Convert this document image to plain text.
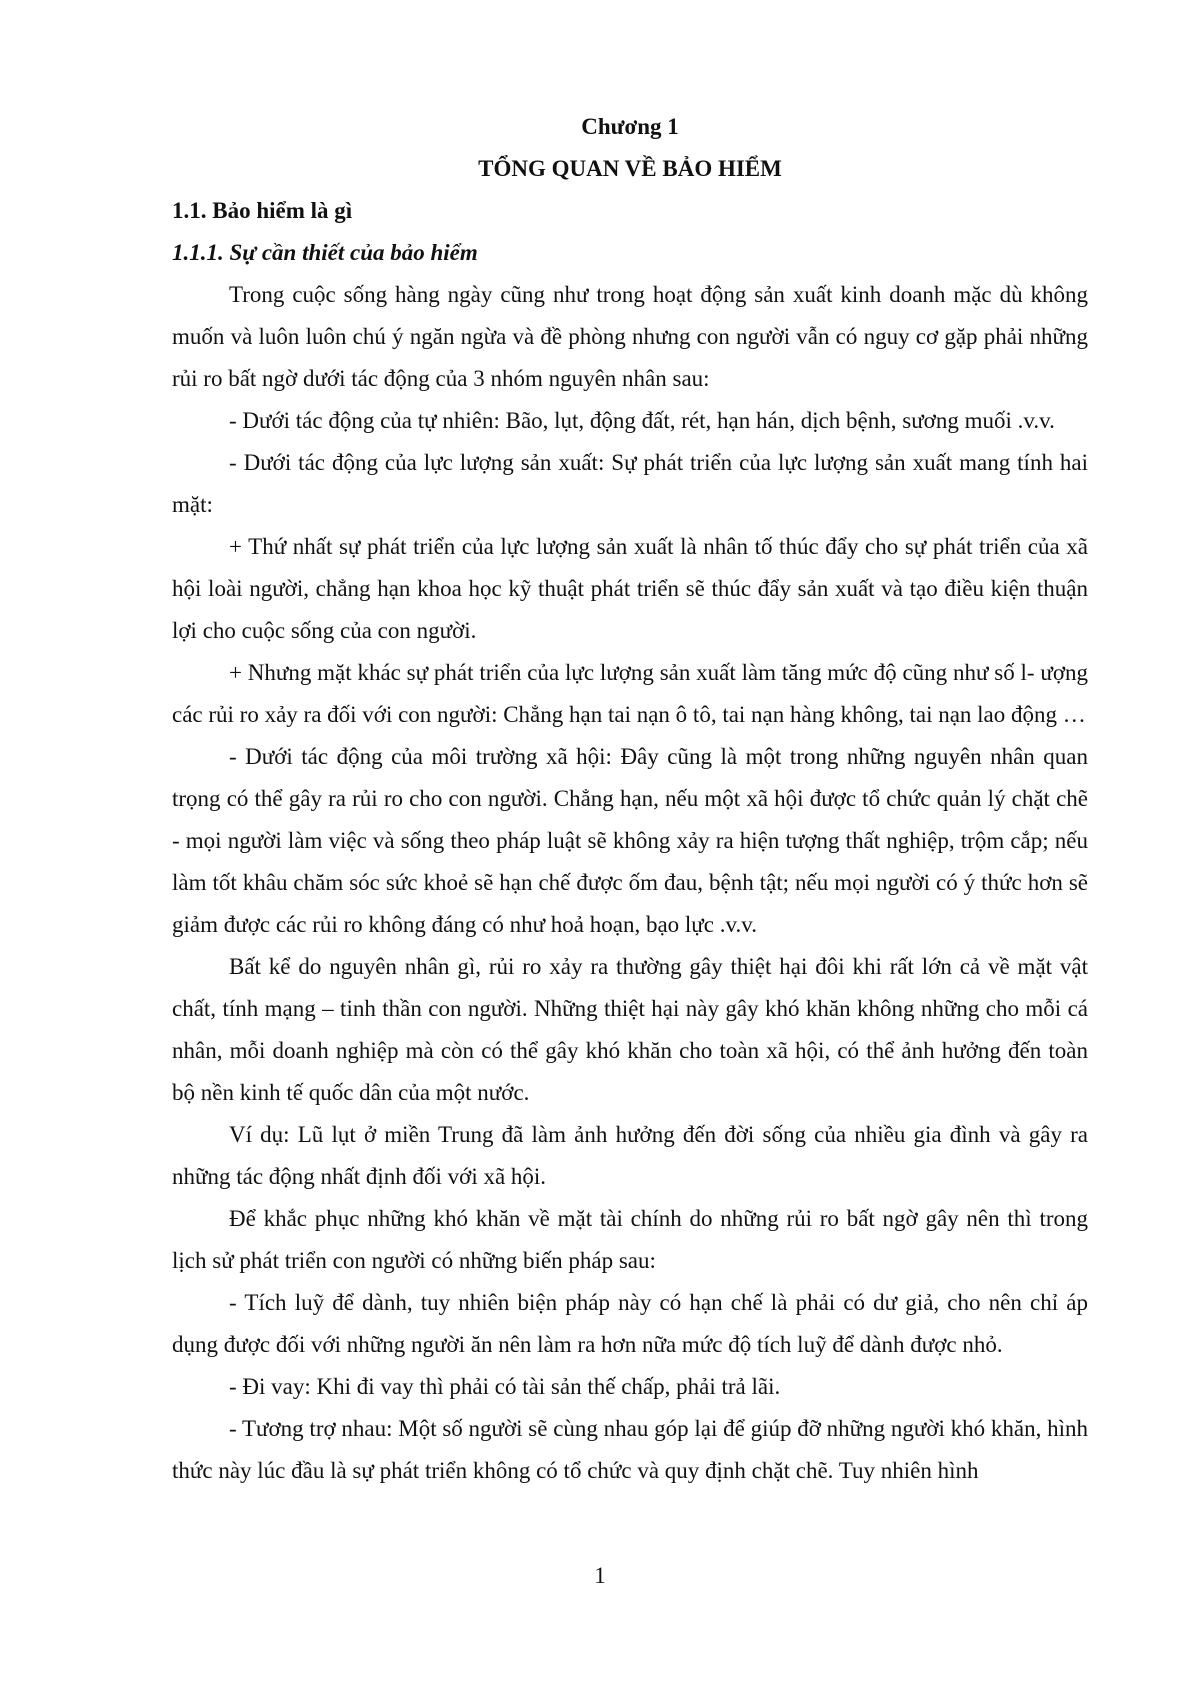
Chương 1

TỔNG QUAN VỀ BẢO HIỂM

1.1. Bảo hiểm là gì

1.1.1. Sự cần thiết của bảo hiểm

Trong cuộc sống hàng ngày cũng như trong hoạt động sản xuất kinh doanh mặc dù không muốn và luôn luôn chú ý ngăn ngừa và đề phòng nhưng con người vẫn có nguy cơ gặp phải những rủi ro bất ngờ dưới tác động của 3 nhóm nguyên nhân sau:

- Dưới tác động của tự nhiên: Bão, lụt, động đất, rét, hạn hán, dịch bệnh, sương muối .v.v.

- Dưới tác động của lực lượng sản xuất: Sự phát triển của lực lượng sản xuất mang tính hai mặt:

+ Thứ nhất sự phát triển của lực lượng sản xuất là nhân tố thúc đẩy cho sự phát triển của xã hội loài người, chẳng hạn khoa học kỹ thuật phát triển sẽ thúc đẩy sản xuất và tạo điều kiện thuận lợi cho cuộc sống của con người.

+ Nhưng mặt khác sự phát triển của lực lượng sản xuất làm tăng mức độ cũng như số l- ượng các rủi ro xảy ra đối với con người: Chẳng hạn tai nạn ô tô, tai nạn hàng không, tai nạn lao động …

- Dưới tác động của môi trường xã hội: Đây cũng là một trong những nguyên nhân quan trọng có thể gây ra rủi ro cho con người. Chẳng hạn, nếu một xã hội được tổ chức quản lý chặt chẽ - mọi người làm việc và sống theo pháp luật sẽ không xảy ra hiện tượng thất nghiệp, trộm cắp; nếu làm tốt khâu chăm sóc sức khoẻ sẽ hạn chế được ốm đau, bệnh tật; nếu mọi người có ý thức hơn sẽ giảm được các rủi ro không đáng có như hoả hoạn, bạo lực .v.v.

Bất kể do nguyên nhân gì, rủi ro xảy ra thường gây thiệt hại đôi khi rất lớn cả về mặt vật chất, tính mạng – tinh thần con người. Những thiệt hại này gây khó khăn không những cho mỗi cá nhân, mỗi doanh nghiệp mà còn có thể gây khó khăn cho toàn xã hội, có thể ảnh hưởng đến toàn bộ nền kinh tế quốc dân của một nước.

Ví dụ: Lũ lụt ở miền Trung đã làm ảnh hưởng đến đời sống của nhiều gia đình và gây ra những tác động nhất định đối với xã hội.

Để khắc phục những khó khăn về mặt tài chính do những rủi ro bất ngờ gây nên thì trong lịch sử phát triển con người có những biến pháp sau:

- Tích luỹ để dành, tuy nhiên biện pháp này có hạn chế là phải có dư giả, cho nên chỉ áp dụng được đối với những người ăn nên làm ra hơn nữa mức độ tích luỹ để dành được nhỏ.

- Đi vay: Khi đi vay thì phải có tài sản thế chấp, phải trả lãi.

- Tương trợ nhau: Một số người sẽ cùng nhau góp lại để giúp đỡ những người khó khăn, hình thức này lúc đầu là sự phát triển không có tổ chức và quy định chặt chẽ. Tuy nhiên hình

1
